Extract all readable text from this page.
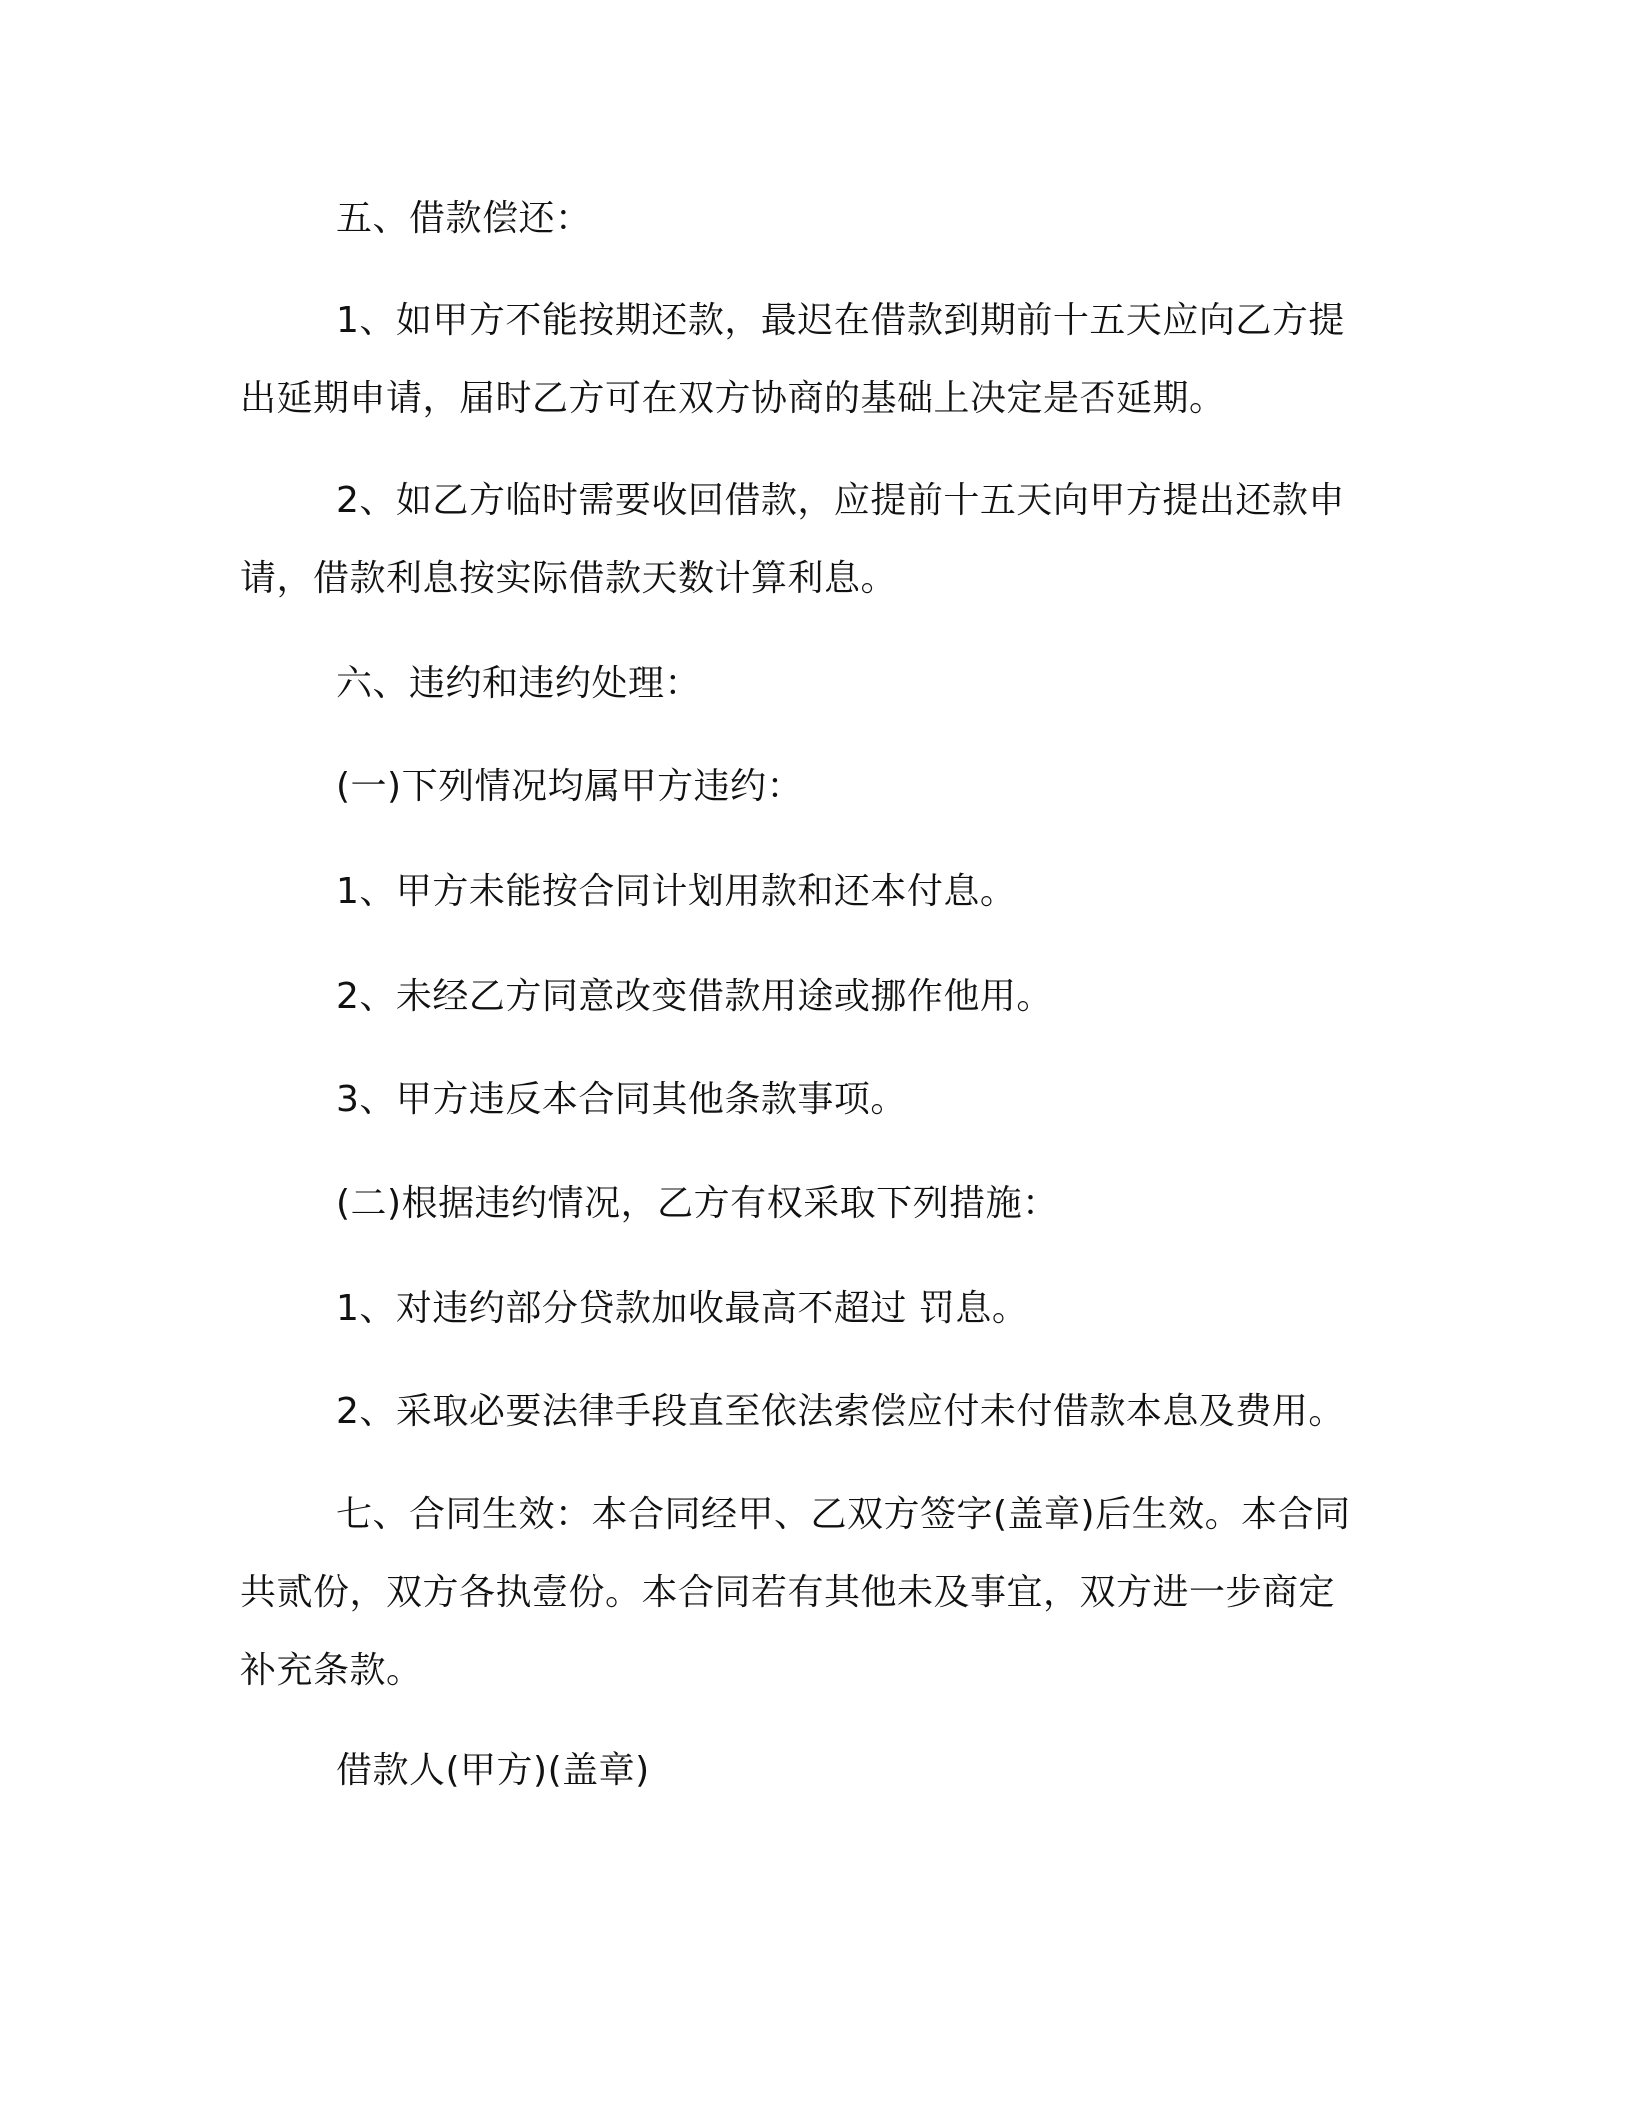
五、借款偿还：

1、如甲方不能按期还款，最迟在借款到期前十五天应向乙方提出延期申请，届时乙方可在双方协商的基础上决定是否延期。

2、如乙方临时需要收回借款，应提前十五天向甲方提出还款申请，借款利息按实际借款天数计算利息。

六、违约和违约处理：

(一)下列情况均属甲方违约：

1、甲方未能按合同计划用款和还本付息。

2、未经乙方同意改变借款用途或挪作他用。

3、甲方违反本合同其他条款事项。

(二)根据违约情况，乙方有权采取下列措施：

1、对违约部分贷款加收最高不超过 罚息。

2、采取必要法律手段直至依法索偿应付未付借款本息及费用。

七、合同生效：本合同经甲、乙双方签字(盖章)后生效。本合同共贰份，双方各执壹份。本合同若有其他未及事宜，双方进一步商定补充条款。

借款人(甲方)(盖章)
